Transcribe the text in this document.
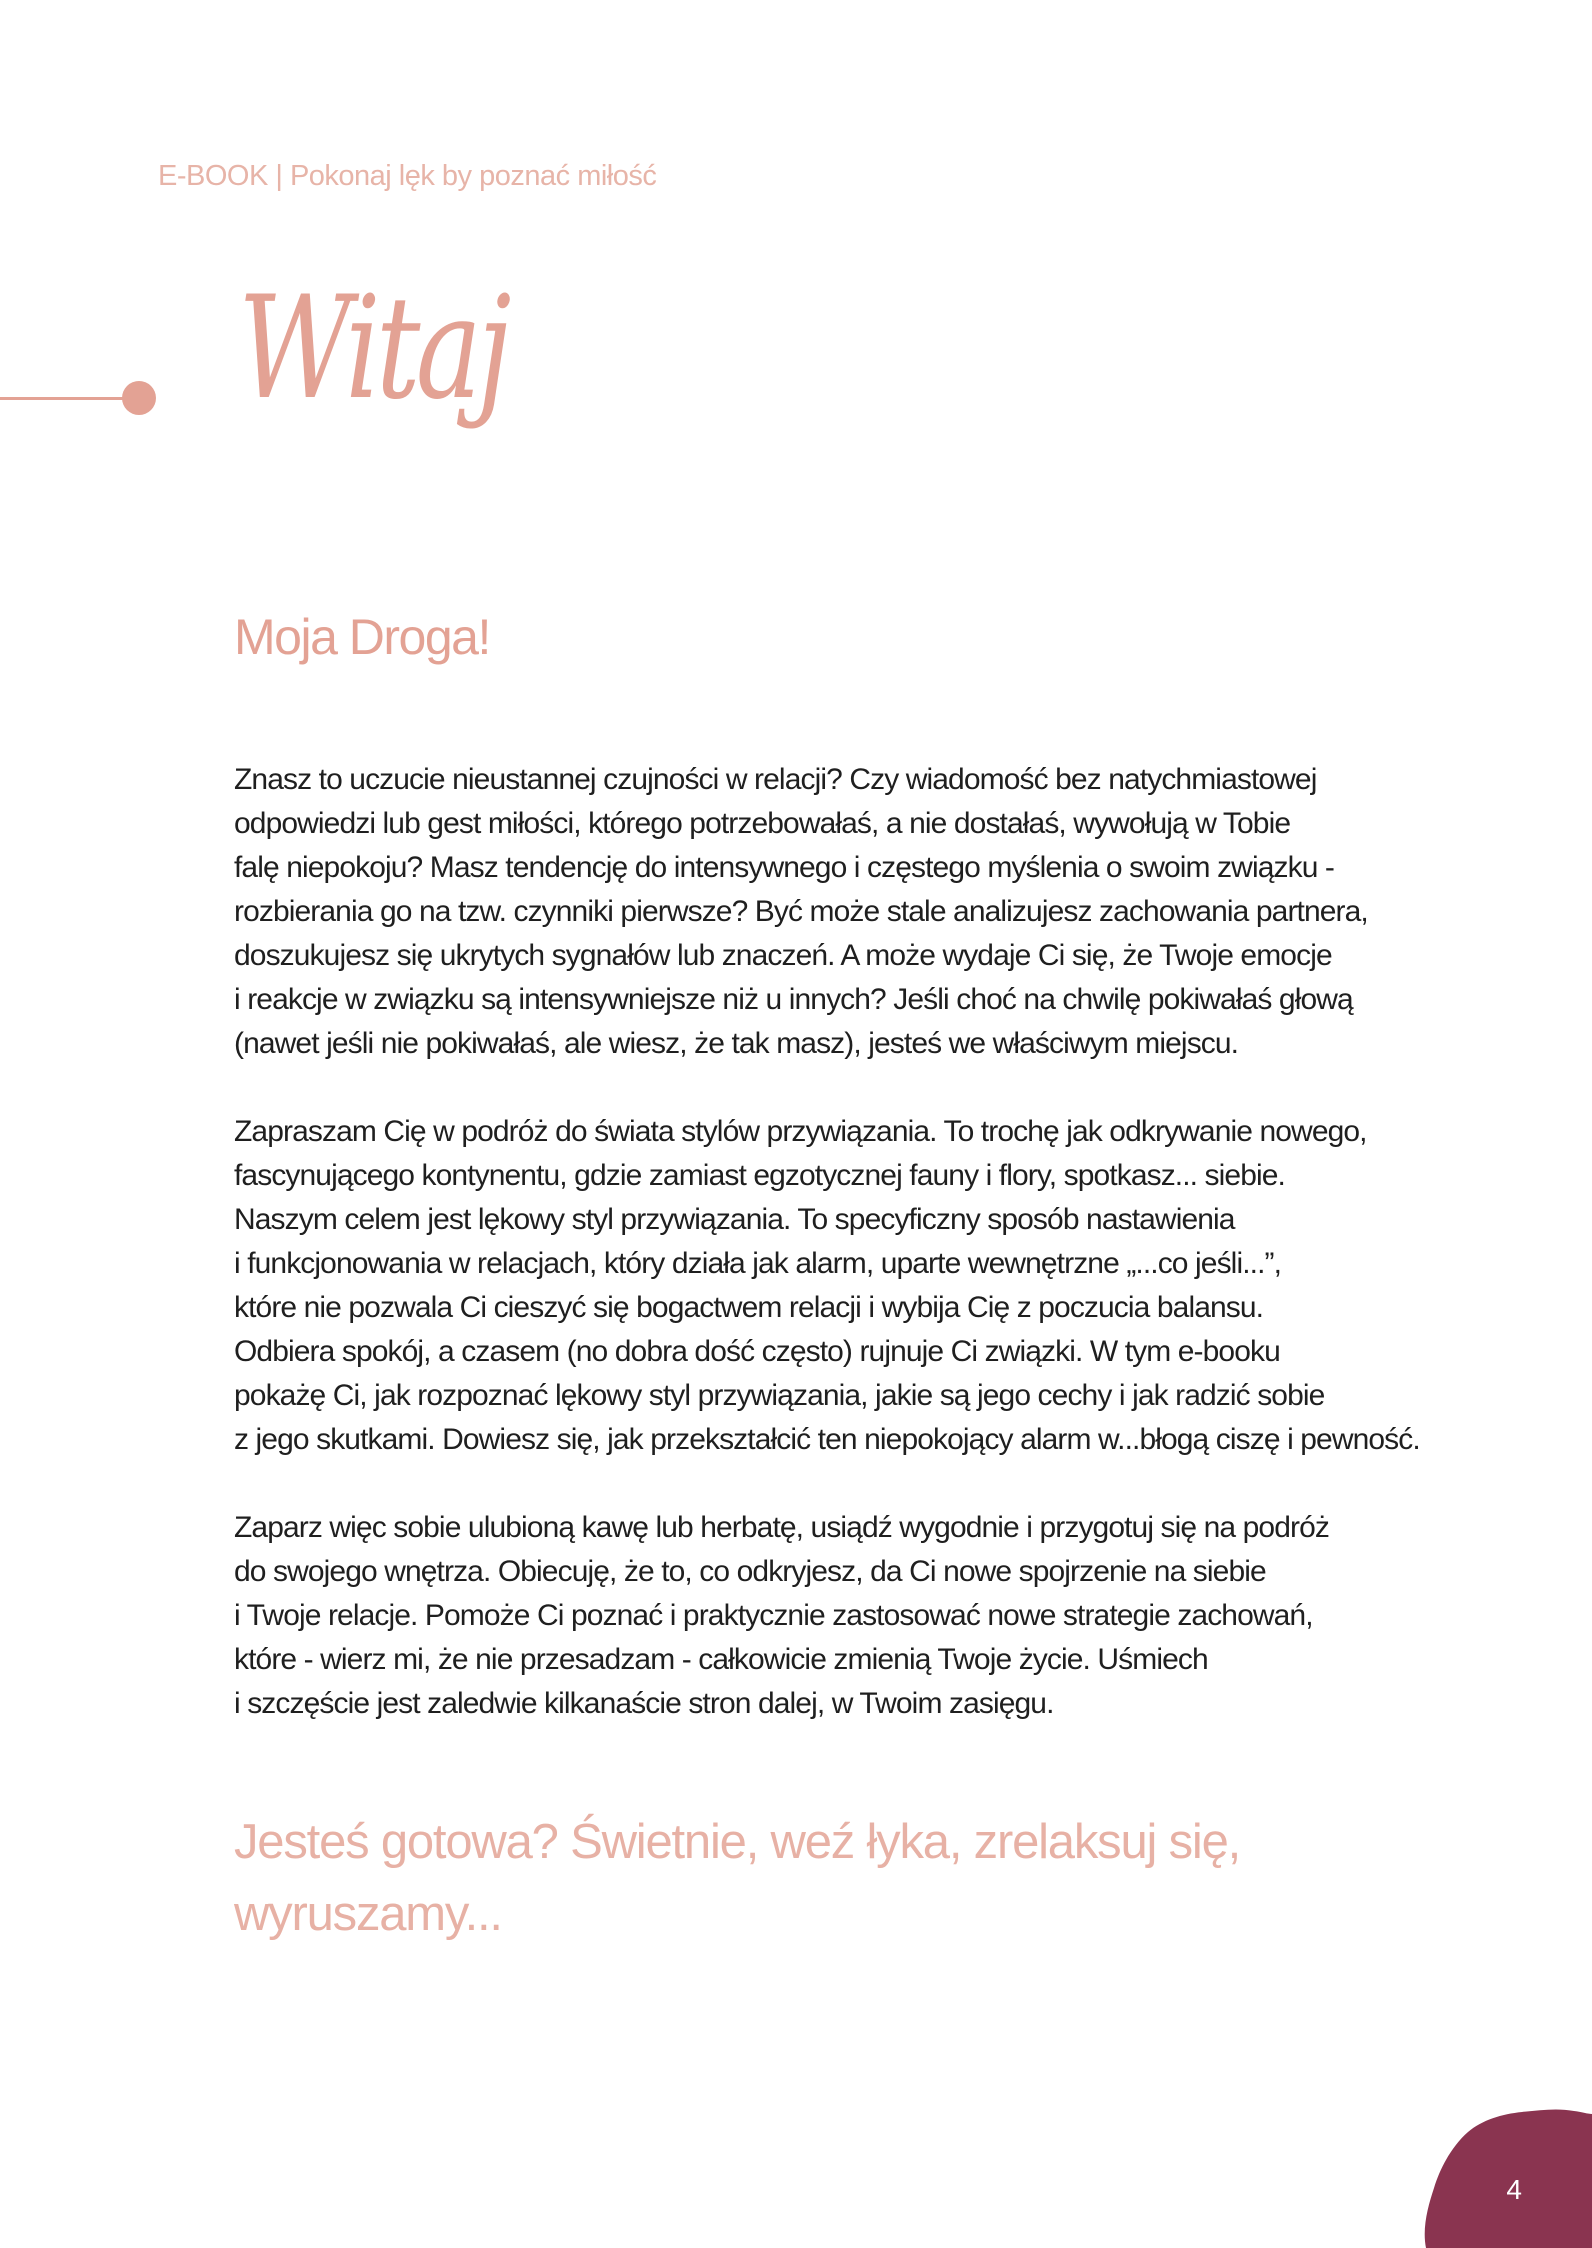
E-BOOK | Pokonaj lęk by poznać miłość
Witaj
Moja Droga!

Znasz to uczucie nieustannej czujności w relacji? Czy wiadomość bez natychmiastowej
odpowiedzi lub gest miłości, którego potrzebowałaś, a nie dostałaś, wywołują w Tobie
falę niepokoju? Masz tendencję do intensywnego i częstego myślenia o swoim związku -
rozbierania go na tzw. czynniki pierwsze? Być może stale analizujesz zachowania partnera,
doszukujesz się ukrytych sygnałów lub znaczeń. A może wydaje Ci się, że Twoje emocje
i reakcje w związku są intensywniejsze niż u innych? Jeśli choć na chwilę pokiwałaś głową
(nawet jeśli nie pokiwałaś, ale wiesz, że tak masz), jesteś we właściwym miejscu.

Zapraszam Cię w podróż do świata stylów przywiązania. To trochę jak odkrywanie nowego,
fascynującego kontynentu, gdzie zamiast egzotycznej fauny i flory, spotkasz... siebie.
Naszym celem jest lękowy styl przywiązania. To specyficzny sposób nastawienia
i funkcjonowania w relacjach, który działa jak alarm, uparte wewnętrzne „...co jeśli...”,
które nie pozwala Ci cieszyć się bogactwem relacji i wybija Cię z poczucia balansu.
Odbiera spokój, a czasem (no dobra dość często) rujnuje Ci związki. W tym e-booku
pokażę Ci, jak rozpoznać lękowy styl przywiązania, jakie są jego cechy i jak radzić sobie
z jego skutkami. Dowiesz się, jak przekształcić ten niepokojący alarm w...błogą ciszę i pewność.

Zaparz więc sobie ulubioną kawę lub herbatę, usiądź wygodnie i przygotuj się na podróż
do swojego wnętrza. Obiecuję, że to, co odkryjesz, da Ci nowe spojrzenie na siebie
i Twoje relacje. Pomoże Ci poznać i praktycznie zastosować nowe strategie zachowań,
które - wierz mi, że nie przesadzam - całkowicie zmienią Twoje życie. Uśmiech
i szczęście jest zaledwie kilkanaście stron dalej, w Twoim zasięgu.

Jesteś gotowa? Świetnie, weź łyka, zrelaksuj się,
wyruszamy...
4
